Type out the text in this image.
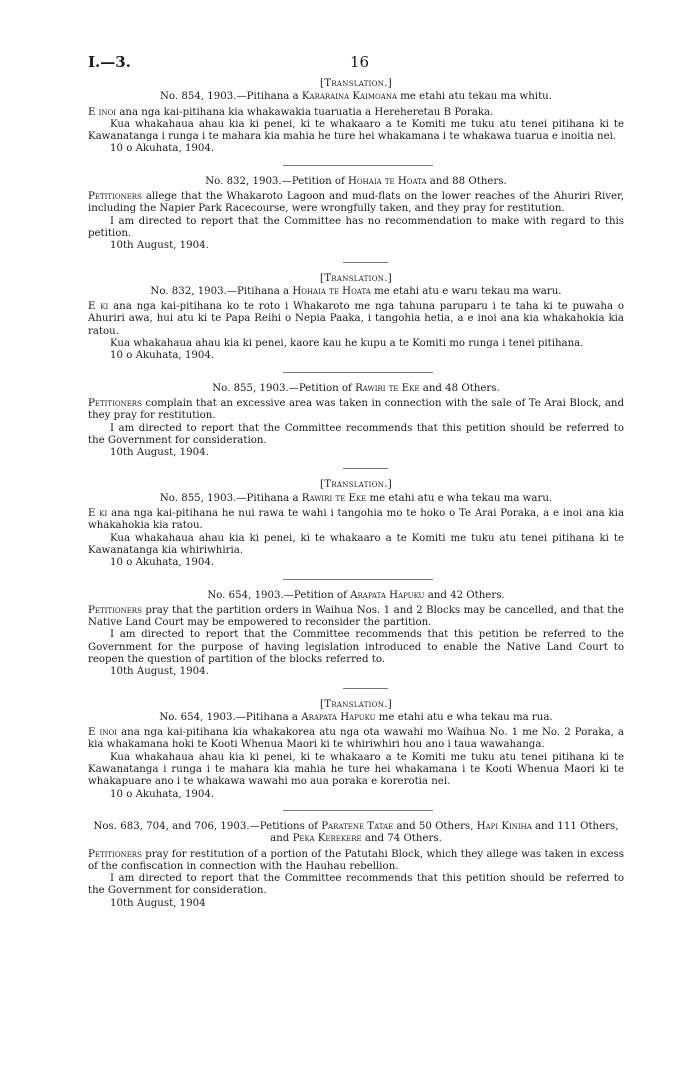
I.—3.	16
[Translation.]
No. 854, 1903.—Pitihana a Kararaina Kaimoana me etahi atu tekau ma whitu.

E inoi ana nga kai-pitihana kia whakawakia tuaruatia a Hereheretau B Poraka.

Kua whakahaua ahau kia ki penei, ki te whakaaro a te Komiti me tuku atu tenei pitihana ki te Kawanatanga i runga i te mahara kia mahia he ture hei whakamana i te whakawa tuarua e inoitia nei.

10 o Akuhata, 1904.
No. 832, 1903.—Petition of Hohaia te Hoata and 88 Others.

Petitioners allege that the Whakaroto Lagoon and mud-flats on the lower reaches of the Ahuriri River, including the Napier Park Racecourse, were wrongfully taken, and they pray for restitution.

I am directed to report that the Committee has no recommendation to make with regard to this petition.

10th August, 1904.
[Translation.]
No. 832, 1903.—Pitihana a Hohaia te Hoata me etahi atu e waru tekau ma waru.

E ki ana nga kai-pitihana ko te roto i Whakaroto me nga tahuna paruparu i te taha ki te puwaha o Ahuriri awa, hui atu ki te Papa Reihi o Nepia Paaka, i tangohia hetia, a e inoi ana kia whakahokia kia ratou.

Kua whakahaua ahau kia ki penei, kaore kau he kupu a te Komiti mo runga i tenei pitihana.

10 o Akuhata, 1904.
No. 855, 1903.—Petition of Rawiri te Eke and 48 Others.

Petitioners complain that an excessive area was taken in connection with the sale of Te Arai Block, and they pray for restitution.

I am directed to report that the Committee recommends that this petition should be referred to the Government for consideration.

10th August, 1904.
[Translation.]
No. 855, 1903.—Pitihana a Rawiri te Eke me etahi atu e wha tekau ma waru.

E ki ana nga kai-pitihana he nui rawa te wahi i tangohia mo te hoko o Te Arai Poraka, a e inoi ana kia whakahokia kia ratou.

Kua whakahaua ahau kia ki penei, ki te whakaaro a te Komiti me tuku atu tenei pitihana ki te Kawanatanga kia whiriwhiria.

10 o Akuhata, 1904.
No. 654, 1903.—Petition of Arapata Hapuku and 42 Others.

Petitioners pray that the partition orders in Waihua Nos. 1 and 2 Blocks may be cancelled, and that the Native Land Court may be empowered to reconsider the partition.

I am directed to report that the Committee recommends that this petition be referred to the Government for the purpose of having legislation introduced to enable the Native Land Court to reopen the question of partition of the blocks referred to.

10th August, 1904.
[Translation.]
No. 654, 1903.—Pitihana a Arapata Hapuku me etahi atu e wha tekau ma rua.

E inoi ana nga kai-pitihana kia whakakorea atu nga ota wawahi mo Waihua No. 1 me No. 2 Poraka, a kia whakamana hoki te Kooti Whenua Maori ki te whiriwhiri hou ano i taua wawahanga.

Kua whakahaua ahau kia ki penei, ki te whakaaro a te Komiti me tuku atu tenei pitihana ki te Kawanatanga i runga i te mahara kia mahia he ture hei whakamana i te Kooti Whenua Maori ki te whakapuare ano i te whakawa wawahi mo aua poraka e korerotia nei.

10 o Akuhata, 1904.
Nos. 683, 704, and 706, 1903.—Petitions of Paratene Tatae and 50 Others, Hapi Kiniha and 111 Others, and Peka Kerekere and 74 Others.

Petitioners pray for restitution of a portion of the Patutahi Block, which they allege was taken in excess of the confiscation in connection with the Hauhau rebellion.

I am directed to report that the Committee recommends that this petition should be referred to the Government for consideration.

10th August, 1904
